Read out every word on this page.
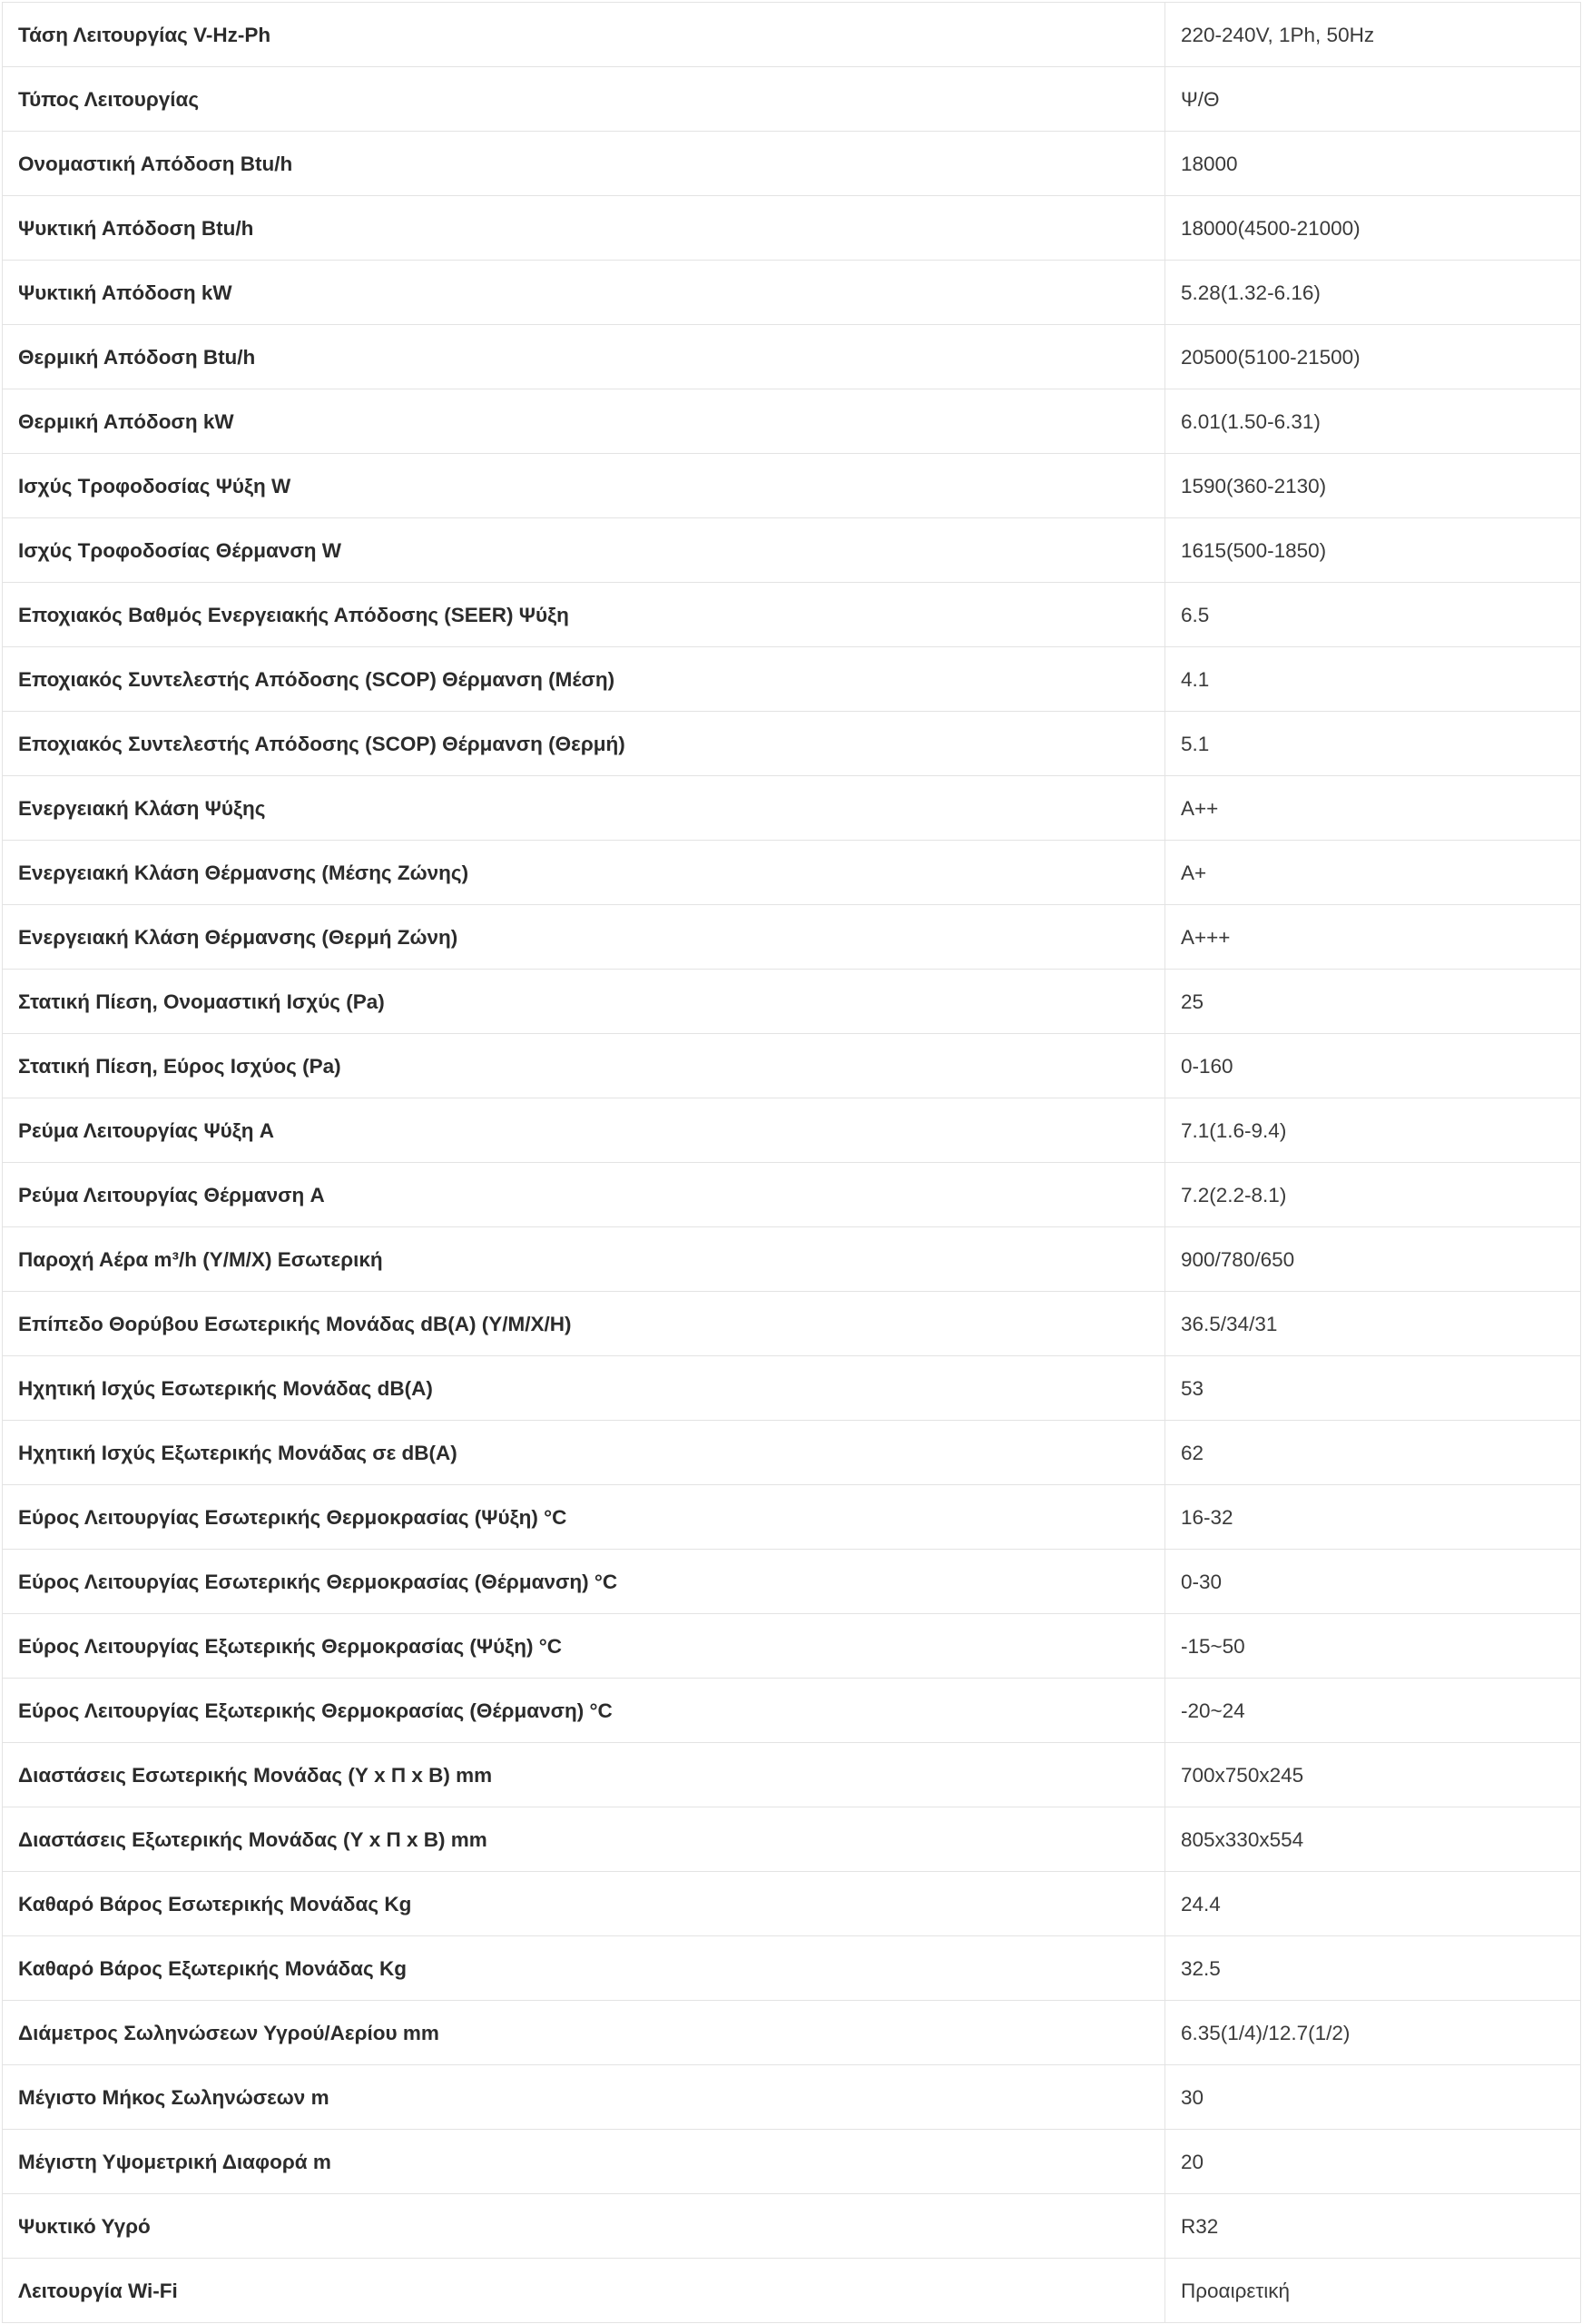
Τάση Λειτουργίας V-Hz-Ph	220-240V, 1Ph, 50Hz
Τύπος Λειτουργίας	Ψ/Θ
Ονομαστική Απόδοση Btu/h	18000
Ψυκτική Απόδοση Btu/h	18000(4500-21000)
Ψυκτική Απόδοση kW	5.28(1.32-6.16)
Θερμική Απόδοση Btu/h	20500(5100-21500)
Θερμική Απόδοση kW	6.01(1.50-6.31)
Ισχύς Τροφοδοσίας Ψύξη W	1590(360-2130)
Ισχύς Τροφοδοσίας Θέρμανση W	1615(500-1850)
Εποχιακός Βαθμός Ενεργειακής Απόδοσης (SEER) Ψύξη	6.5
Εποχιακός Συντελεστής Απόδοσης (SCOP) Θέρμανση (Μέση)	4.1
Εποχιακός Συντελεστής Απόδοσης (SCOP) Θέρμανση (Θερμή)	5.1
Ενεργειακή Κλάση Ψύξης	A++
Ενεργειακή Κλάση Θέρμανσης (Μέσης Ζώνης)	A+
Ενεργειακή Κλάση Θέρμανσης (Θερμή Ζώνη)	A+++
Στατική Πίεση, Ονομαστική Ισχύς (Pa)	25
Στατική Πίεση, Εύρος Ισχύος (Pa)	0-160
Ρεύμα Λειτουργίας Ψύξη A	7.1(1.6-9.4)
Ρεύμα Λειτουργίας Θέρμανση A	7.2(2.2-8.1)
Παροχή Αέρα m³/h (Υ/Μ/Χ) Εσωτερική	900/780/650
Επίπεδο Θορύβου Εσωτερικής Μονάδας dB(A) (Y/M/X/H)	36.5/34/31
Ηχητική Ισχύς Εσωτερικής Μονάδας dB(A)	53
Ηχητική Ισχύς Εξωτερικής Μονάδας σε dB(A)	62
Εύρος Λειτουργίας Εσωτερικής Θερμοκρασίας (Ψύξη) °C	16-32
Εύρος Λειτουργίας Εσωτερικής Θερμοκρασίας (Θέρμανση) °C	0-30
Εύρος Λειτουργίας Εξωτερικής Θερμοκρασίας (Ψύξη) °C	-15~50
Εύρος Λειτουργίας Εξωτερικής Θερμοκρασίας (Θέρμανση) °C	-20~24
Διαστάσεις Εσωτερικής Μονάδας (Υ x Π x Β) mm	700x750x245
Διαστάσεις Εξωτερικής Μονάδας (Υ x Π x Β) mm	805x330x554
Καθαρό Βάρος Εσωτερικής Μονάδας Kg	24.4
Καθαρό Βάρος Εξωτερικής Μονάδας Kg	32.5
Διάμετρος Σωληνώσεων Υγρού/Αερίου mm	6.35(1/4)/12.7(1/2)
Μέγιστο Μήκος Σωληνώσεων m	30
Μέγιστη Υψομετρική Διαφορά m	20
Ψυκτικό Υγρό	R32
Λειτουργία Wi-Fi	Προαιρετική
